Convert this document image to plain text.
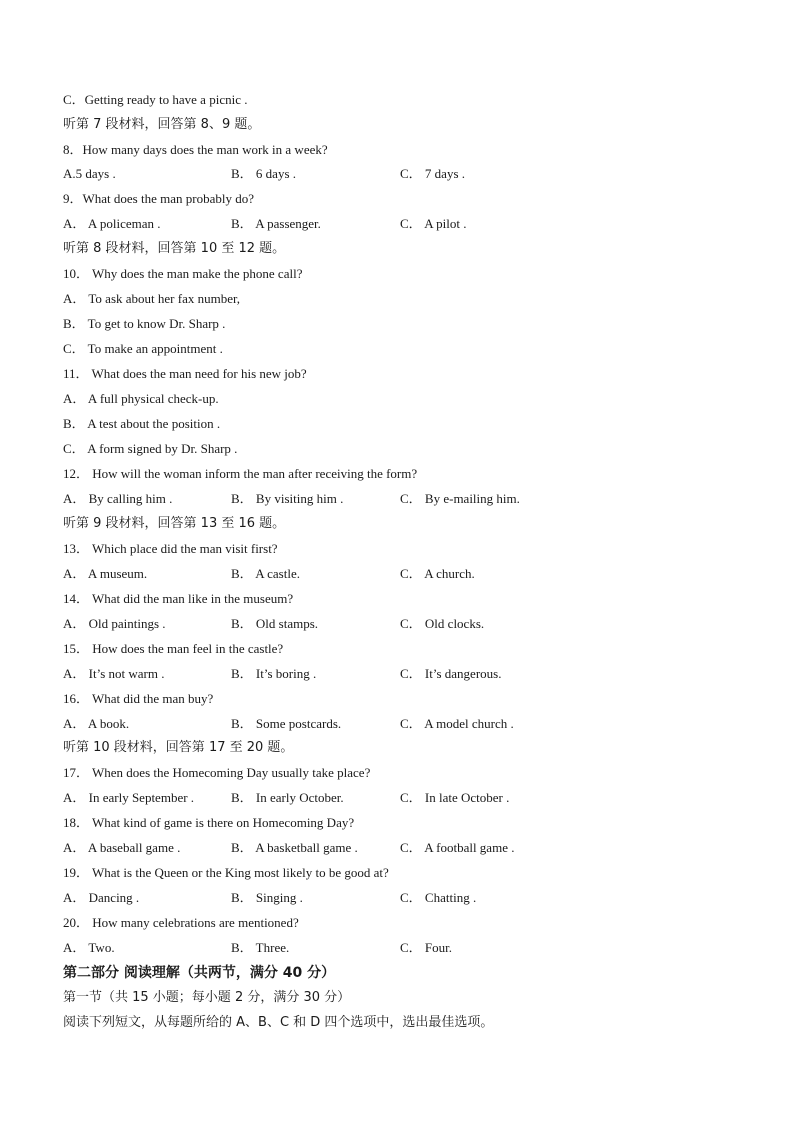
C．Getting ready to have a picnic .
听第 7 段材料，回答第 8、9 题。
8．How many days does the man work in a week?
A.5 days .	B． 6 days .	C． 7 days .
9．What does the man probably do?
A． A policeman .	B． A passenger.	C． A pilot .
听第 8 段材料，回答第 10 至 12 题。
10． Why does the man make the phone call?
A． To ask about her fax number,
B． To get to know Dr. Sharp .
C． To make an appointment .
11． What does the man need for his new job?
A． A full physical check-up.
B． A test about the position .
C． A form signed by Dr. Sharp .
12． How will the woman inform the man after receiving the form?
A． By calling him .	B． By visiting him .	C． By e-mailing him.
听第 9 段材料，回答第 13 至 16 题。
13． Which place did the man visit first?
A． A museum.	B． A castle.	C． A church.
14． What did the man like in the museum?
A． Old paintings .	B． Old stamps.	C． Old clocks.
15． How does the man feel in the castle?
A． It’s not warm .	B． It’s boring .	C． It’s dangerous.
16． What did the man buy?
A． A book.	B． Some postcards.	C． A model church .
听第 10 段材料，回答第 17 至 20 题。
17． When does the Homecoming Day usually take place?
A． In early September .	B． In early October.	C． In late October .
18． What kind of game is there on Homecoming Day?
A． A baseball game .	B． A basketball game .	C． A football game .
19． What is the Queen or the King most likely to be good at?
A． Dancing .	B． Singing .	C． Chatting .
20． How many celebrations are mentioned?
A． Two.	B． Three.	C． Four.
第二部分 阅读理解（共两节，满分 40 分）
第一节（共 15 小题；每小题 2 分，满分 30 分）
阅读下列短文，从每题所给的 A、B、C 和 D 四个选项中，选出最佳选项。
